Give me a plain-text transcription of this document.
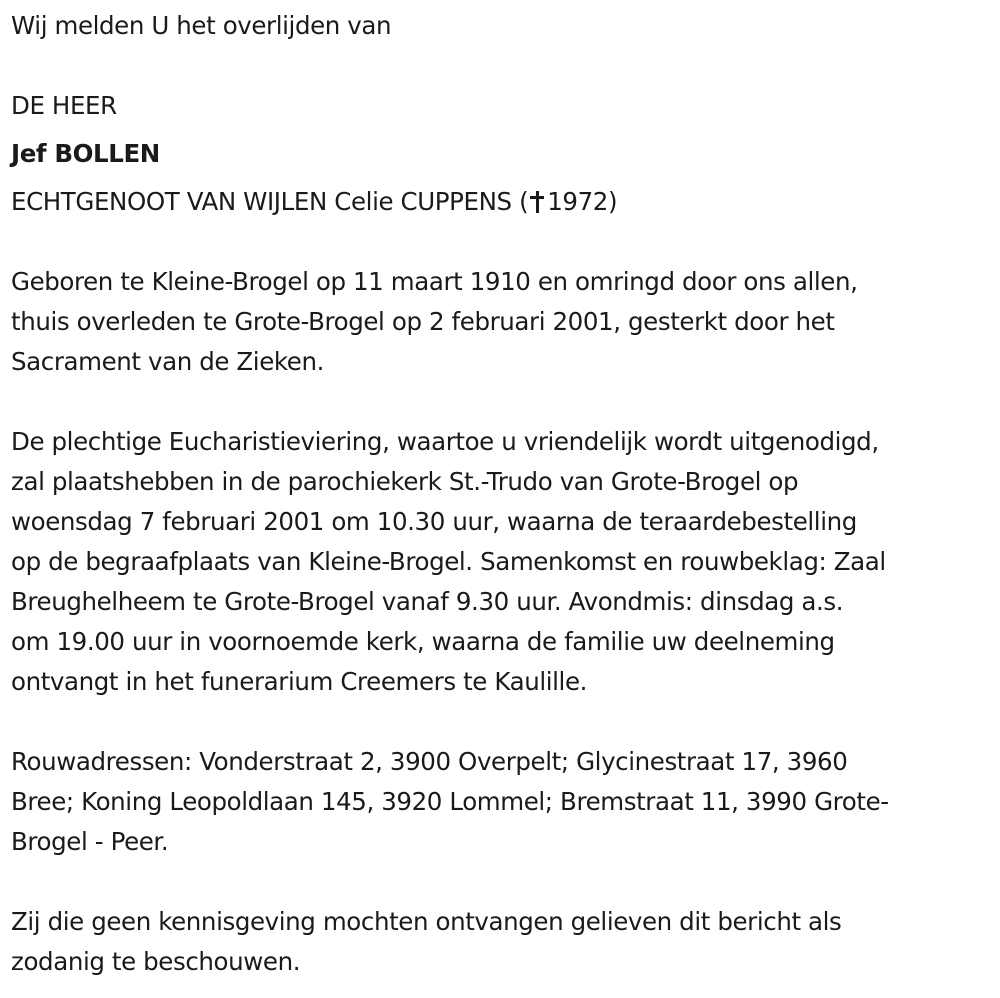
Wij melden U het overlijden van
DE HEER
Jef BOLLEN
ECHTGENOOT VAN WIJLEN Celie CUPPENS ( 1972)
Geboren te Kleine-Brogel op 11 maart 1910 en omringd door ons allen,
thuis overleden te Grote-Brogel op 2 februari 2001, gesterkt door het
Sacrament van de Zieken.
De plechtige Eucharistieviering, waartoe u vriendelijk wordt uitgenodigd,
zal plaatshebben in de parochiekerk St.-Trudo van Grote-Brogel op
woensdag 7 februari 2001 om 10.30 uur, waarna de teraardebestelling
op de begraafplaats van Kleine-Brogel. Samenkomst en rouwbeklag: Zaal
Breughelheem te Grote-Brogel vanaf 9.30 uur. Avondmis: dinsdag a.s.
om 19.00 uur in voornoemde kerk, waarna de familie uw deelneming
ontvangt in het funerarium Creemers te Kaulille.
Rouwadressen: Vonderstraat 2, 3900 Overpelt; Glycinestraat 17, 3960
Bree; Koning Leopoldlaan 145, 3920 Lommel; Bremstraat 11, 3990 Grote-
Brogel - Peer.
Zij die geen kennisgeving mochten ontvangen gelieven dit bericht als
zodanig te beschouwen.
